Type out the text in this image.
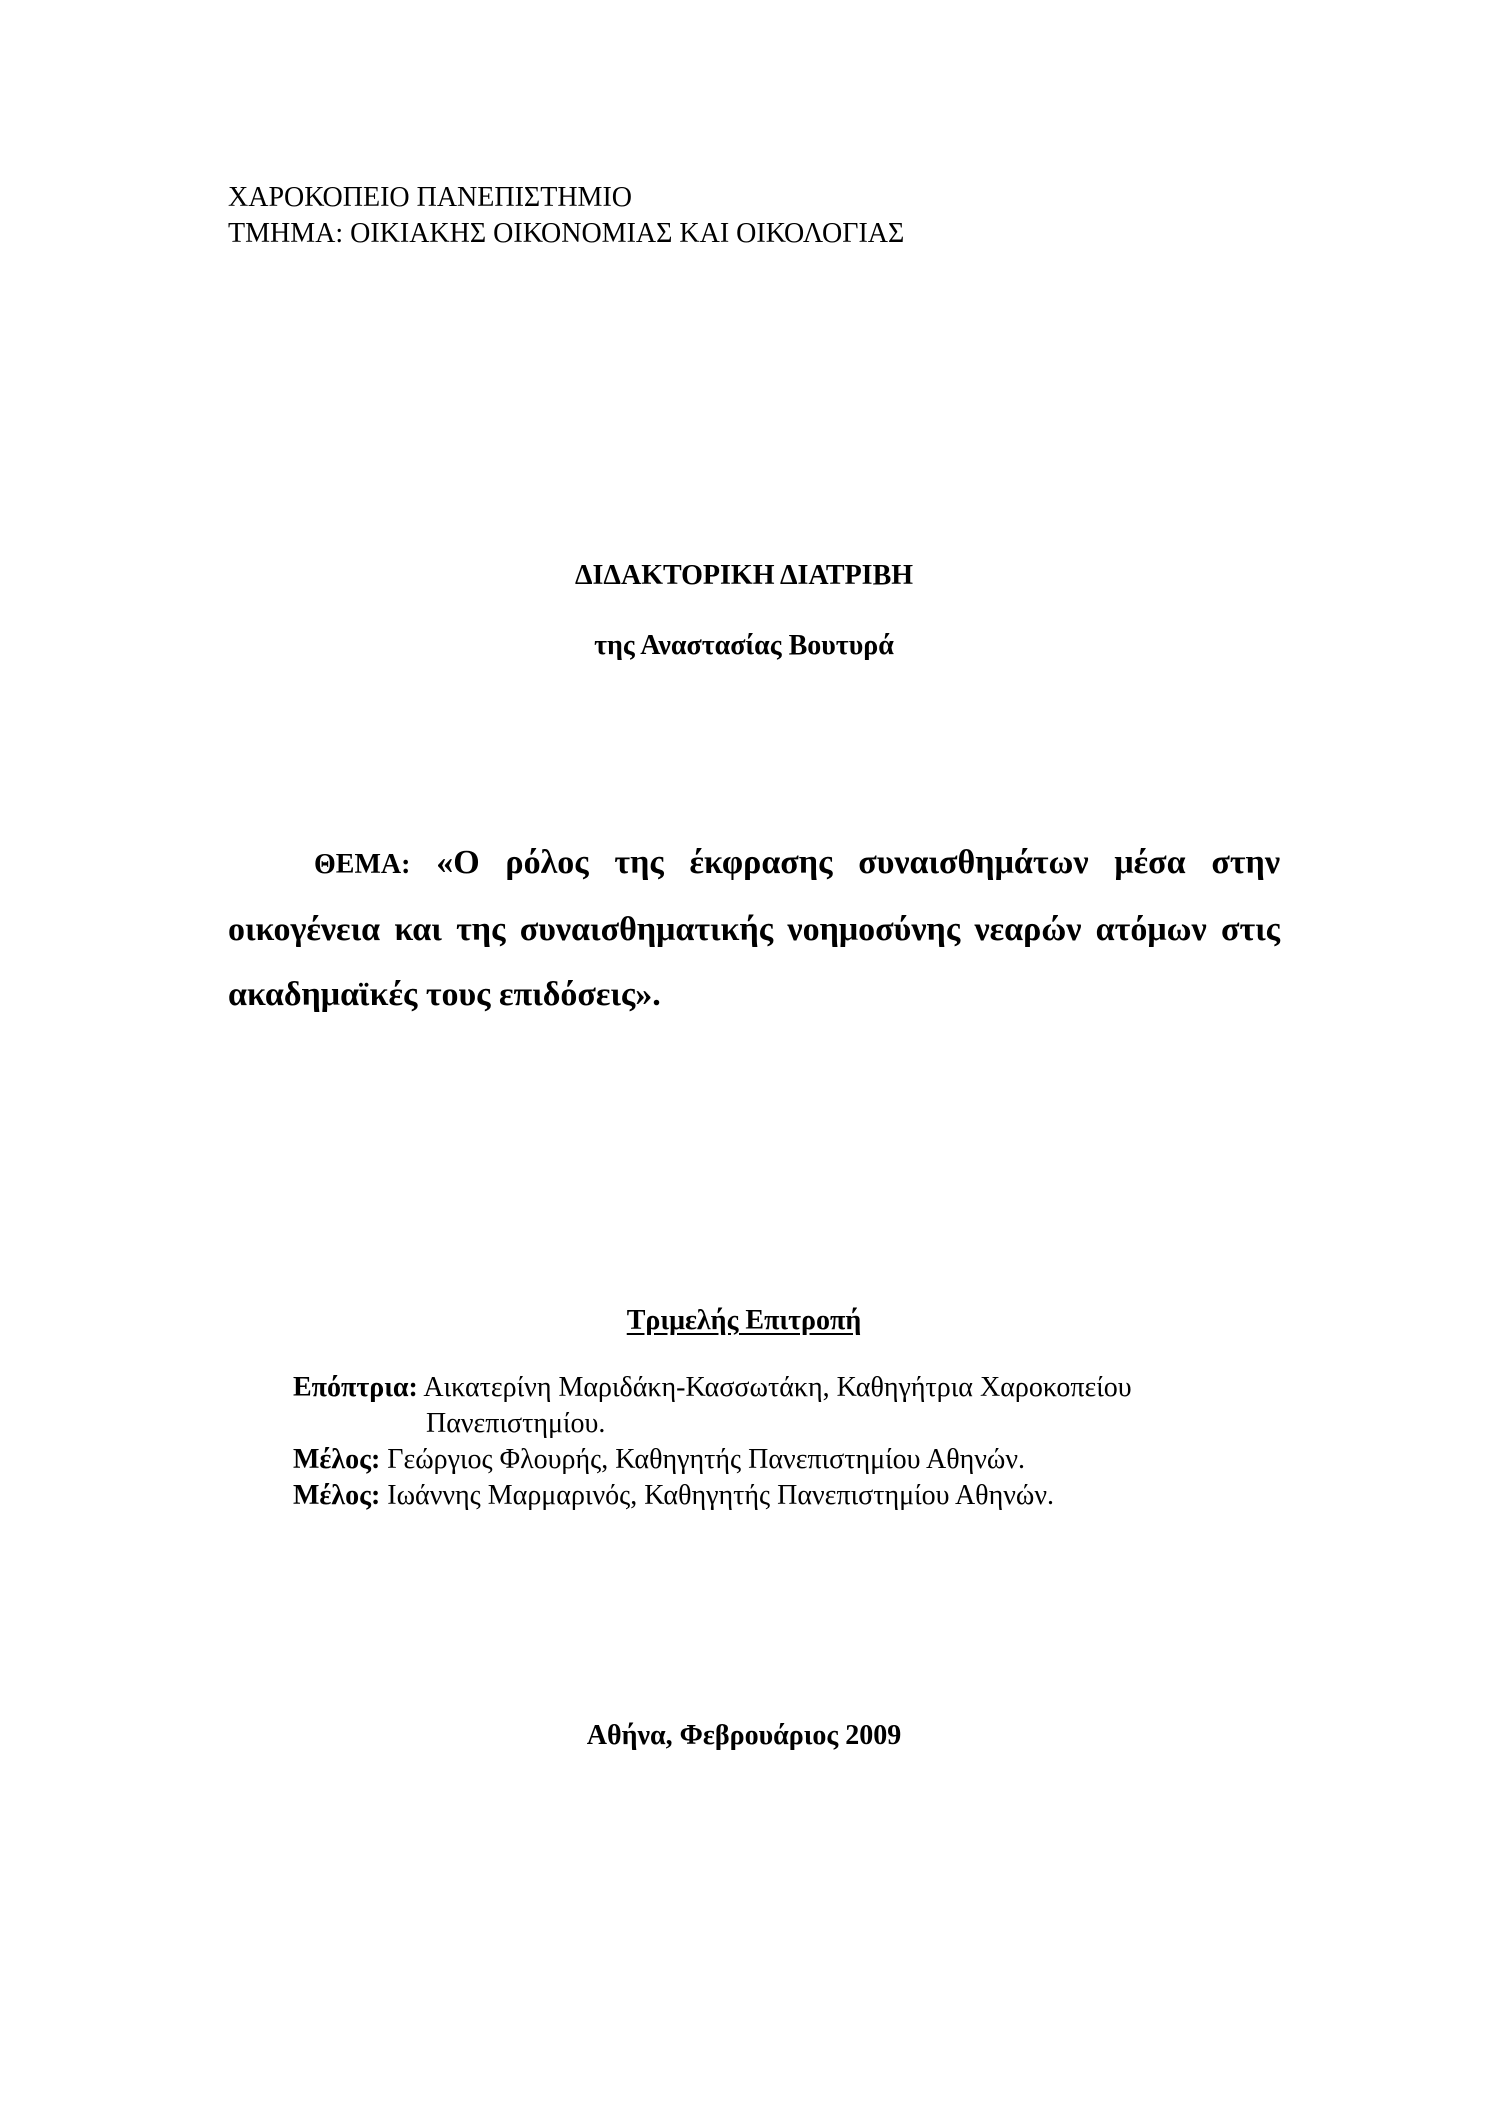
ΧΑΡΟΚΟΠΕΙΟ ΠΑΝΕΠΙΣΤΗΜΙΟ
ΤΜΗΜΑ: ΟΙΚΙΑΚΗΣ ΟΙΚΟΝΟΜΙΑΣ ΚΑΙ ΟΙΚΟΛΟΓΙΑΣ
ΔΙΔΑΚΤΟΡΙΚΗ ΔΙΑΤΡΙΒΗ
της Αναστασίας Βουτυρά
ΘΕΜΑ: «Ο ρόλος της έκφρασης συναισθημάτων μέσα στην οικογένεια και της συναισθηματικής νοημοσύνης νεαρών ατόμων στις ακαδημαϊκές τους επιδόσεις».
Τριμελής Επιτροπή
Επόπτρια: Αικατερίνη Μαριδάκη-Κασσωτάκη, Καθηγήτρια Χαροκοπείου
Πανεπιστημίου.
Μέλος: Γεώργιος Φλουρής, Καθηγητής Πανεπιστημίου Αθηνών.
Μέλος: Ιωάννης Μαρμαρινός, Καθηγητής Πανεπιστημίου Αθηνών.
Αθήνα, Φεβρουάριος 2009
